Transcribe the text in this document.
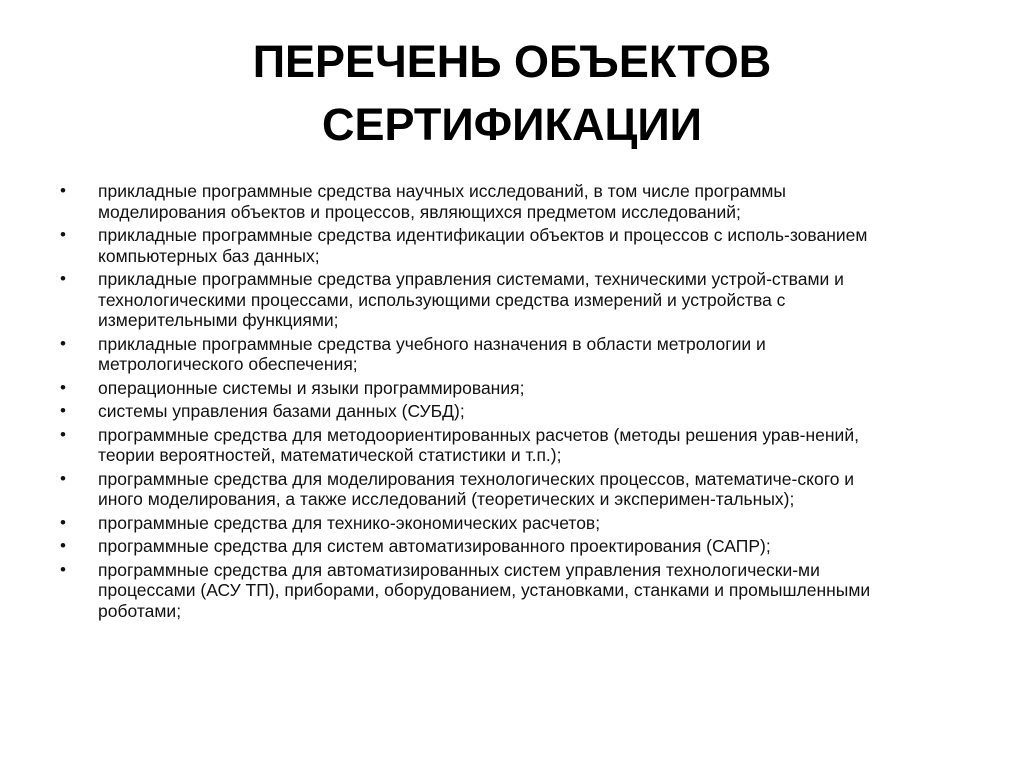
ПЕРЕЧЕНЬ ОБЪЕКТОВ
СЕРТИФИКАЦИИ
• прикладные программные средства научных исследований, в том числе программы
моделирования объектов и процессов, являющихся предметом исследований;
• прикладные программные средства идентификации объектов и процессов с исполь-зованием
компьютерных баз данных;
• прикладные программные средства управления системами, техническими устрой-ствами и
технологическими процессами, использующими средства измерений и устройства с
измерительными функциями;
• прикладные программные средства учебного назначения в области метрологии и
метрологического обеспечения;
• операционные системы и языки программирования;
• системы управления базами данных (СУБД);
• программные средства для методоориентированных расчетов (методы решения урав-нений,
теории вероятностей, математической статистики и т.п.);
• программные средства для моделирования технологических процессов, математиче-ского и
иного моделирования, а также исследований (теоретических и эксперимен-тальных);
• программные средства для технико-экономических расчетов;
• программные средства для систем автоматизированного проектирования (САПР);
• программные средства для автоматизированных систем управления технологически-ми
процессами (АСУ ТП), приборами, оборудованием, установками, станками и промышленными
роботами;
